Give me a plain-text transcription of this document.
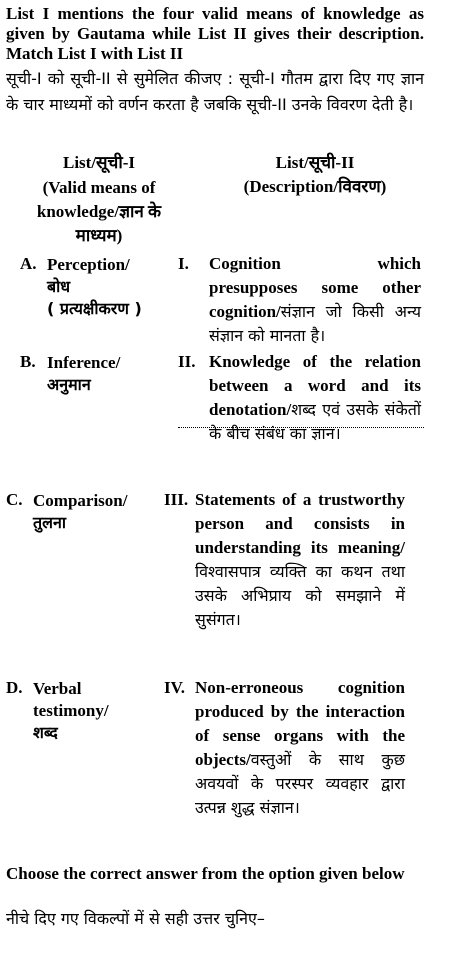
List I mentions the four valid means of knowledge as given by Gautama while List II gives their description. Match List I with List II
सूची-I को सूची-II से सुमेलित कीजए : सूची-I गौतम द्वारा दिए गए ज्ञान के चार माध्यमों को वर्णन करता है जबकि सूची-II उनके विवरण देती है।
List/सूची-I
(Valid means of knowledge/ज्ञान के माध्यम)
List/सूची-II
(Description/विवरण)
A. Perception/
बोध
( प्रत्यक्षीकरण )
I. Cognition which presupposes some other cognition/संज्ञान जो किसी अन्य संज्ञान को मानता है।
B. Inference/
अनुमान
II. Knowledge of the relation between a word and its denotation/शब्द एवं उसके संकेतों के बीच संबंध का ज्ञान।
C. Comparison/
तुलना
III. Statements of a trustworthy person and consists in understanding its meaning/विश्वासपात्र व्यक्ति का कथन तथा उसके अभिप्राय को समझाने में सुसंगत।
D. Verbal testimony/
शब्द
IV. Non-erroneous cognition produced by the interaction of sense organs with the objects/वस्तुओं के साथ कुछ अवयवों के परस्पर व्यवहार द्वारा उत्पन्न शुद्ध संज्ञान।
Choose the correct answer from the option given below
नीचे दिए गए विकल्पों में से सही उत्तर चुनिए–
